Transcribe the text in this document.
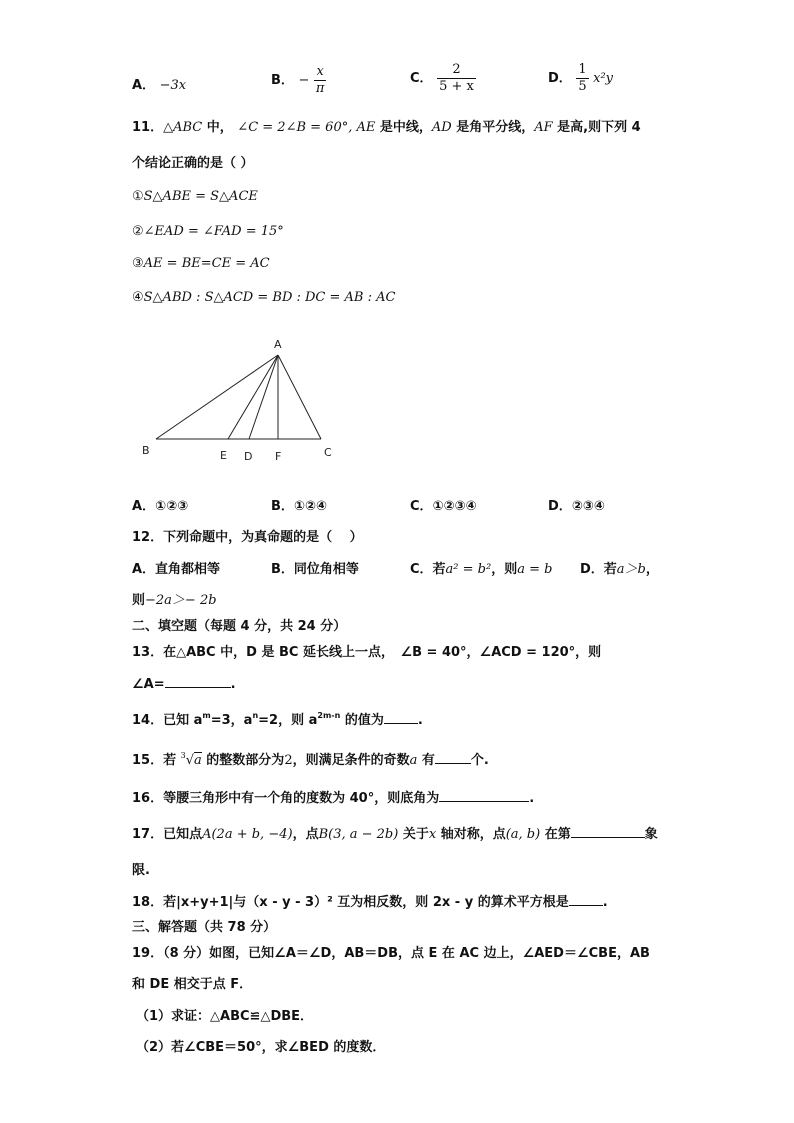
A． −3x	B． − $\frac{x}{\pi}$	C． $\frac{2}{5 + x}$	D． $\frac{1}{5} x^2y$
11．△ABC 中， ∠C = 2∠B = 60°, AE 是中线，AD 是角平分线，AF 是高,则下列 4
个结论正确的是（ ）
①S△ABE = S△ACE
②∠EAD = ∠FAD = 15°
③AE = BE=CE = AC
④S△ABD : S△ACD = BD : DC = AB : AC
A
B	C
D
E	F
A．①②③	B．①②④	C．①②③④	D．②③④
12．下列命题中，为真命题的是（　 ）
A．直角都相等	B．同位角相等	C．若a² = b²，则a = b D．若a＞b，
则−2a＞− 2b
二、填空题（每题 4 分，共 24 分）
13．在△ABC 中，D 是 BC 延长线上一点，　∠B = 40°，∠ACD = 120°，则
∠A=	.
14．已知 $a^m=3$，$a^n=2$，则 $a^{2m-n}$ 的值为	.
15．若 $^3$√a 的整数部分为2，则满足条件的奇数a 有	个.
16．等腰三角形中有一个角的度数为 40°，则底角为	.
17．已知点A(2a + b, −4)，点B(3, a − 2b) 关于x 轴对称，点(a, b) 在第	象
限.
18．若|x+y+1|与（x - y - 3）² 互为相反数，则 2x - y 的算术平方根是	.
三、解答题（共 78 分）
19．（8 分）如图，已知∠A＝∠D，AB＝DB，点 E 在 AC 边上，∠AED＝∠CBE，AB
和 DE 相交于点 F．
（1）求证：△ABC≌△DBE．
（2）若∠CBE＝50°，求∠BED 的度数．
